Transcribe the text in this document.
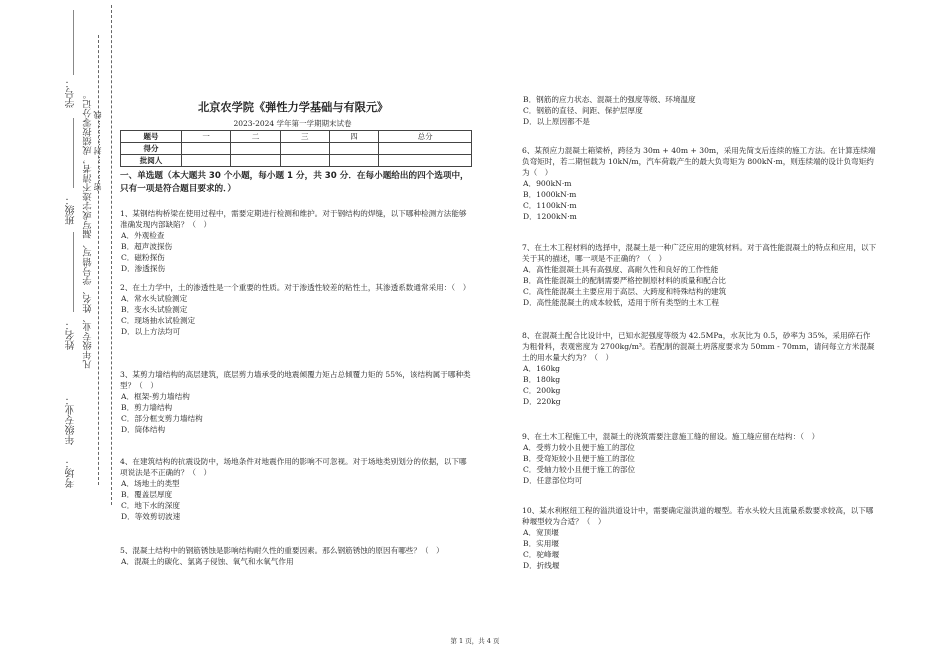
学号：
班级：
姓名：
年级专业：
考场：
凡年级专业、姓名、学号错写、漏写或字迹不清者，成绩按零分记。 密………封………线
北京农学院《弹性力学基础与有限元》
2023-2024 学年第一学期期末试卷
题号	一	二	三	四	总分
得分					
批阅人					
一、单选题（本大题共 30 个小题，每小题 1 分，共 30 分．在每小题给出的四个选项中，只有一项是符合题目要求的．）

1、某钢结构桥梁在使用过程中，需要定期进行检测和维护。对于钢结构的焊缝，以下哪种检测方法能够准确发现内部缺陷？（　）

A．外观检查

B．超声波探伤

C．磁粉探伤

D．渗透探伤

2、在土力学中，土的渗透性是一个重要的性质。对于渗透性较差的粘性土，其渗透系数通常采用：（　）

A．常水头试验测定

B．变水头试验测定

C．现场抽水试验测定

D．以上方法均可

3、某剪力墙结构的高层建筑，底层剪力墙承受的地震倾覆力矩占总倾覆力矩的 55%，该结构属于哪种类型？（　）

A．框架-剪力墙结构

B．剪力墙结构

C．部分框支剪力墙结构

D．筒体结构

4、在建筑结构的抗震设防中，场地条件对地震作用的影响不可忽视。对于场地类别划分的依据，以下哪项说法是不正确的？（　）

A．场地土的类型

B．覆盖层厚度

C．地下水的深度

D．等效剪切波速

5、混凝土结构中的钢筋锈蚀是影响结构耐久性的重要因素。那么钢筋锈蚀的原因有哪些？（　）

A．混凝土的碳化、氯离子侵蚀、氧气和水氧气作用

B．钢筋的应力状态、混凝土的强度等级、环境温度

C．钢筋的直径、间距、保护层厚度

D．以上原因都不是

6、某预应力混凝土箱梁桥，跨径为 30m + 40m + 30m，采用先简支后连续的施工方法。在计算连续端负弯矩时，若二期恒载为 10kN/m，汽车荷载产生的最大负弯矩为 800kN·m，则连续端的设计负弯矩约为（　）

A．900kN·m

B．1000kN·m

C．1100kN·m

D．1200kN·m

7、在土木工程材料的选择中，混凝土是一种广泛应用的建筑材料。对于高性能混凝土的特点和应用，以下关于其的描述，哪一项是不正确的？（　）

A．高性能混凝土具有高强度、高耐久性和良好的工作性能

B．高性能混凝土的配制需要严格控制原材料的质量和配合比

C．高性能混凝土主要应用于高层、大跨度和特殊结构的建筑

D．高性能混凝土的成本较低，适用于所有类型的土木工程

8、在混凝土配合比设计中，已知水泥强度等级为 42.5MPa，水灰比为 0.5，砂率为 35%，采用碎石作为粗骨料，表观密度为 2700kg/m³。若配制的混凝土坍落度要求为 50mm - 70mm，请问每立方米混凝土的用水量大约为？（　）

A．160kg

B．180kg

C．200kg

D．220kg

9、在土木工程施工中，混凝土的浇筑需要注意施工缝的留设。施工缝应留在结构：（　）

A．受剪力较小且便于施工的部位

B．受弯矩较小且便于施工的部位

C．受轴力较小且便于施工的部位

D．任意部位均可

10、某水利枢纽工程的溢洪道设计中，需要确定溢洪道的堰型。若水头较大且流量系数要求较高，以下哪种堰型较为合适？（　）

A．宽顶堰

B．实用堰

C．驼峰堰

D．折线堰

第 1 页，共 4 页
